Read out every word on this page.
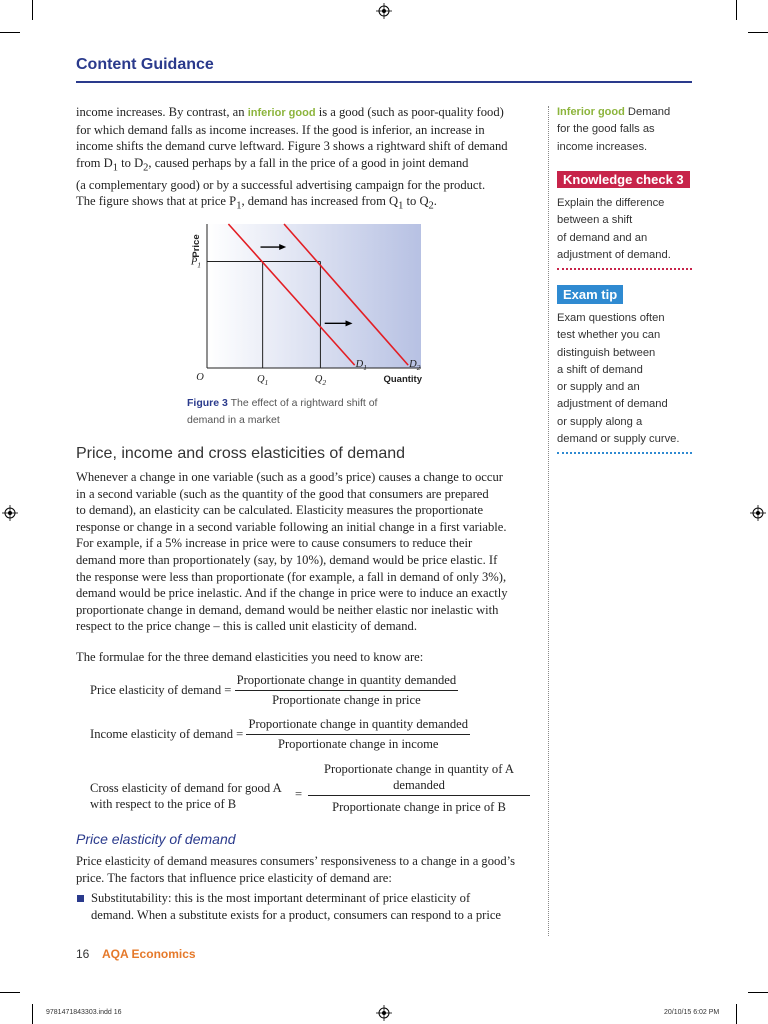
Content Guidance
income increases. By contrast, an inferior good is a good (such as poor-quality food)
for which demand falls as income increases. If the good is inferior, an increase in
income shifts the demand curve leftward. Figure 3 shows a rightward shift of demand
from $D_1$ to $D_2$, caused perhaps by a fall in the price of a good in joint demand
(a complementary good) or by a successful advertising campaign for the product.
The figure shows that at price $P_1$, demand has increased from $Q_1$ to $Q_2$.
Inferior good Demand
for the good falls as
income increases.
Knowledge check 3
Explain the difference
between a shift
of demand and an
adjustment of demand.
Exam tip
Exam questions often
test whether you can
distinguish between
a shift of demand
or supply and an
adjustment of demand
or supply along a
demand or supply curve.
Price
$P_1$
O	$Q_1$	$Q_2$	Quantity
$D_1$	$D_2$
Figure 3 The effect of a rightward shift of
demand in a market
Price, income and cross elasticities of demand
Whenever a change in one variable (such as a good’s price) causes a change to occur
in a second variable (such as the quantity of the good that consumers are prepared
to demand), an elasticity can be calculated. Elasticity measures the proportionate
response or change in a second variable following an initial change in a first variable.
For example, if a 5% increase in price were to cause consumers to reduce their
demand more than proportionately (say, by 10%), demand would be price elastic. If
the response were less than proportionate (for example, a fall in demand of only 3%),
demand would be price inelastic. And if the change in price were to induce an exactly
proportionate change in demand, demand would be neither elastic nor inelastic with
respect to the price change – this is called unit elasticity of demand.
The formulae for the three demand elasticities you need to know are:
Price elasticity of demand = $\frac{\text{Proportionate change in quantity demanded}}{\text{Proportionate change in price}}$
Income elasticity of demand = $\frac{\text{Proportionate change in quantity demanded}}{\text{Proportionate change in income}}$
Cross elasticity of demand for good A
with respect to the price of B
=
Proportionate change in quantity of A
demanded
Proportionate change in price of B
Price elasticity of demand
Price elasticity of demand measures consumers’ responsiveness to a change in a good’s
price. The factors that influence price elasticity of demand are:
Substitutability: this is the most important determinant of price elasticity of
demand. When a substitute exists for a product, consumers can respond to a price
16 AQA Economics
9781471843303.indd 16	20/10/15 6:02 PM
